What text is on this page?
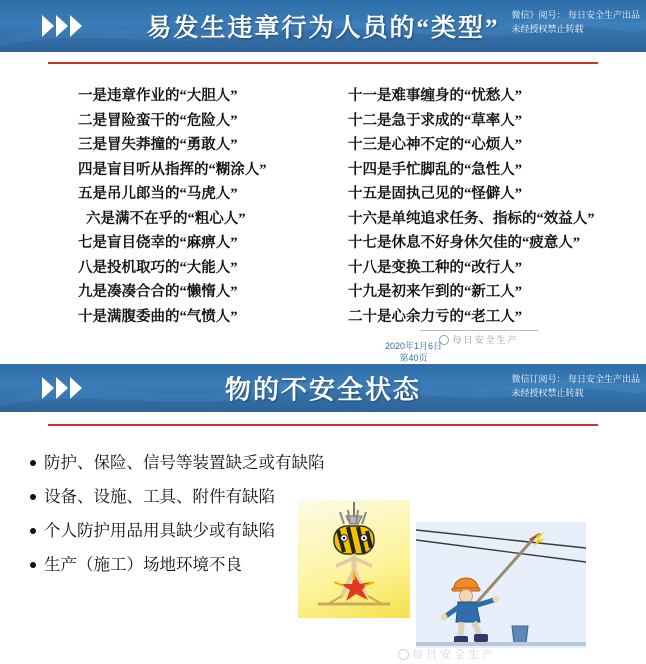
易发生违章行为人员的“类型”	微信》阅号： 每日安全生产出品
未经授权禁止转载
一是违章作业的“大胆人”
二是冒险蛮干的“危险人”
三是冒失莽撞的“勇敢人”
四是盲目听从指挥的“糊涂人”
五是吊儿郎当的“马虎人”
六是满不在乎的“粗心人”
七是盲目侥幸的“麻痹人”
八是投机取巧的“大能人”
九是凑凑合合的“懒惰人”
十是满腹委曲的“气愤人”
十一是难事缠身的“忧愁人”
十二是急于求成的“草率人”
十三是心神不定的“心烦人”
十四是手忙脚乱的“急性人”
十五是固执己见的“怪僻人”
十六是单纯追求任务、指标的“效益人”
十七是休息不好身休欠佳的“疲意人”
十八是变换工种的“改行人”
十九是初来乍到的“新工人”
二十是心余力亏的“老工人”
每日安全生产
2020年1月6日
第40页
物的不安全状态	微信订阅号： 每日安全生产出品
未经授权禁止转载
防护、保险、信号等装置缺乏或有缺陷
设备、设施、工具、附件有缺陷
个人防护用品用具缺少或有缺陷
生产（施工）场地环境不良
每日安全生产
